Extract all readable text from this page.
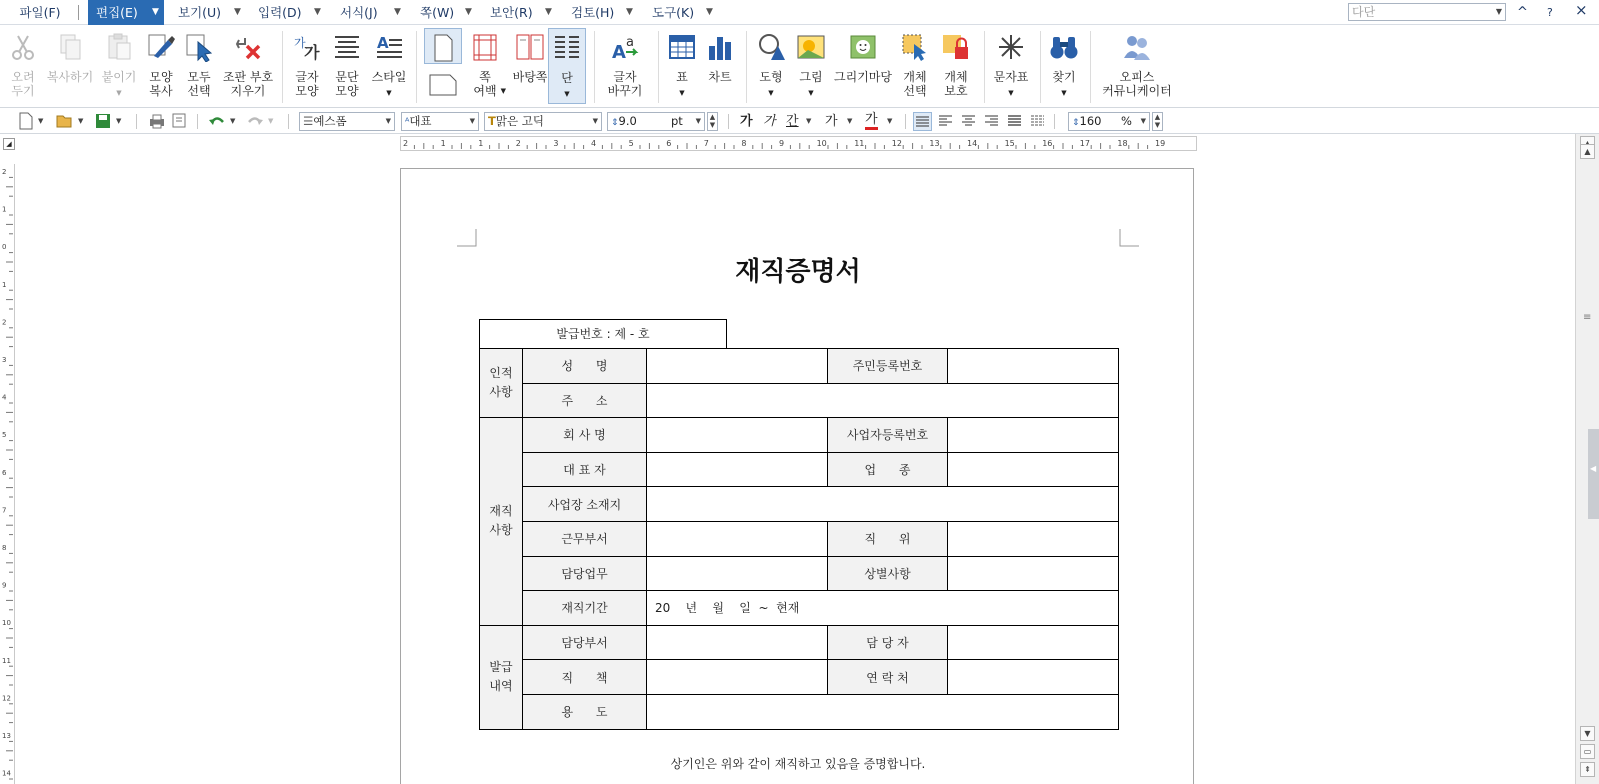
파일(F)	편집(E) ▼ 보기(U) ▼ 입력(D) ▼ 서식(J) ▼ 쪽(W) ▼ 보안(R) ▼ 검토(H) ▼ 도구(K) ▼	다단	▼ ^ ? ×
오려
두기
복사하기 붙이기
▼
모양
복사
모두
선택
조판 부호
지우기
가
가
글자
모양
문단
모양
A
스타일
▼
쪽
여백 ▼
바탕쪽	단
▼
A a
글자
바꾸기
표
▼
차트	도형
▼
그림
▼
그리기마당 개체
선택
개체
보호
문자표
▼
찾기
▼
오피스
커뮤니케이터
▼	▼	▼	▼	▼	☰예스폼	▼	ᴬ대표	▼	T맑은 고딕	▼	⇕9.0	pt ▼ ▲
▼ 가 가 간 ▼ 가 ▼ 가 ▼	⇕160 % ▼ ▲
▼
◢	2	1	1	2	3	4	5	6	7	8	9	10	11	12	13	14	15	16	17	18	19
2
1
0
1
2
3
4
5
6
7
8
9
10
11
12
13
14
재직증명서
발급번호 : 제 - 호
인적
사항	성      명		주민등록번호	
	주      소			
재직
사항	회 사 명		사업자등록번호	
	대 표 자		업      종	
	사업장 소재지			
	근무부서		직      위	
	담당업무		상별사항	
	재직기간	20    년    월    일  ~  현재		
발급
내역	담당부서		담 당 자	
	직      책		연 락 처	
	용      도			
상기인은 위와 같이 재직하고 있음을 증명합니다.
▲
≡
◀
▼
▭
⇞
